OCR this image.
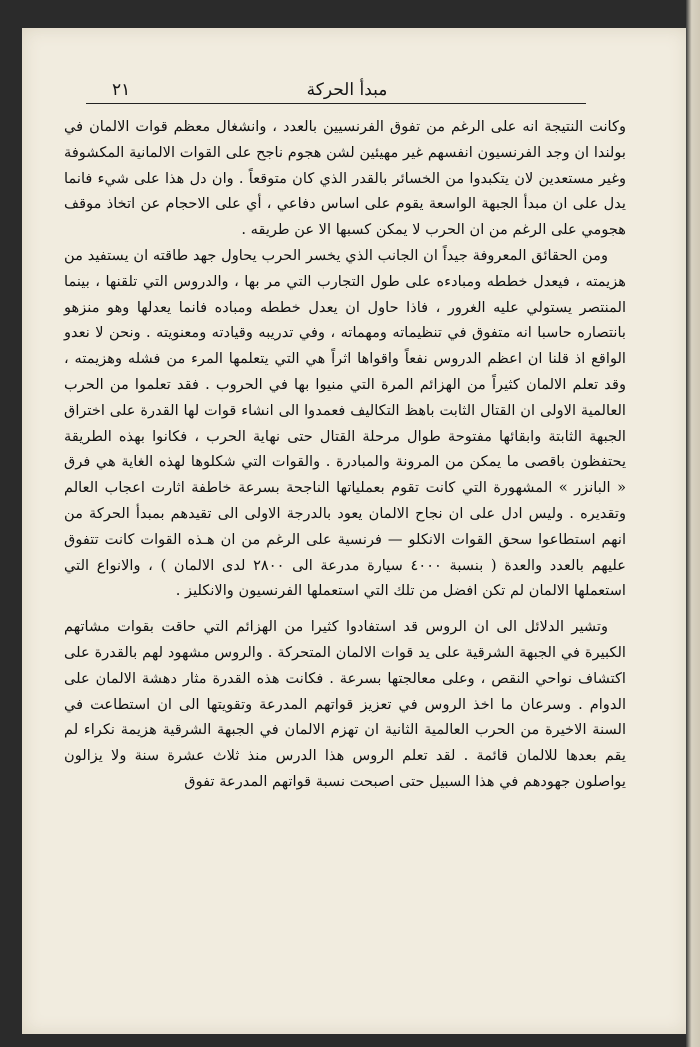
مبدأ الحركة
٢١

وكانت النتيجة انه على الرغم من تفوق الفرنسيين بالعدد ، وانشغال معظم قوات الالمان في بولندا ان وجد الفرنسيون انفسهم غير مهيئين لشن هجوم ناجح على القوات الالمانية المكشوفة وغير مستعدين لان يتكبدوا من الخسائر بالقدر الذي كان متوقعاً . وان دل هذا على شيء فانما يدل على ان مبدأ الجبهة الواسعة يقوم على اساس دفاعي ، أي على الاحجام عن اتخاذ موقف هجومي على الرغم من ان الحرب لا يمكن كسبها الا عن طريقه .

ومن الحقائق المعروفة جيداً ان الجانب الذي يخسر الحرب يحاول جهد طاقته ان يستفيد من هزيمته ، فيعدل خططه ومبادءه على طول التجارب التي مر بها ، والدروس التي تلقنها ، بينما المنتصر يستولي عليه الغرور ، فاذا حاول ان يعدل خططه ومباده فانما يعدلها وهو منزهو بانتصاره حاسبا انه متفوق في تنظيماته ومهماته ، وفي تدريبه وقيادته ومعنويته . ونحن لا نعدو الواقع اذ قلنا ان اعظم الدروس نفعاً واقواها اثراً هي التي يتعلمها المرء من فشله وهزيمته ، وقد تعلم الالمان كثيراً من الهزائم المرة التي منيوا بها في الحروب . فقد تعلموا من الحرب العالمية الاولى ان القتال الثابت باهظ التكاليف فعمدوا الى انشاء قوات لها القدرة على اختراق الجبهة الثابتة وابقائها مفتوحة طوال مرحلة القتال حتى نهاية الحرب ، فكانوا بهذه الطريقة يحتفظون باقصى ما يمكن من المرونة والمبادرة . والقوات التي شكلوها لهذه الغاية هي فرق « البانزر » المشهورة التي كانت تقوم بعملياتها الناجحة بسرعة خاطفة اثارت اعجاب العالم وتقديره . وليس ادل على ان نجاح الالمان يعود بالدرجة الاولى الى تقيدهم بمبدأ الحركة من انهم استطاعوا سحق القوات الانكلو — فرنسية على الرغم من ان هـذه القوات كانت تتفوق عليهم بالعدد والعدة ( بنسبة ٤٠٠٠ سيارة مدرعة الى ٢٨٠٠ لدى الالمان ) ، والانواع التي استعملها الالمان لم تكن افضل من تلك التي استعملها الفرنسيون والانكليز .

وتشير الدلائل الى ان الروس قد استفادوا كثيرا من الهزائم التي حاقت بقوات مشاتهم الكبيرة في الجبهة الشرقية على يد قوات الالمان المتحركة . والروس مشهود لهم بالقدرة على اكتشاف نواحي النقص ، وعلى معالجتها بسرعة . فكانت هذه القدرة مثار دهشة الالمان على الدوام . وسرعان ما اخذ الروس في تعزيز قواتهم المدرعة وتقويتها الى ان استطاعت في السنة الاخيرة من الحرب العالمية الثانية ان تهزم الالمان في الجبهة الشرقية هزيمة نكراء لم يقم بعدها للالمان قائمة . لقد تعلم الروس هذا الدرس منذ ثلاث عشرة سنة ولا يزالون يواصلون جهودهم في هذا السبيل حتى اصبحت نسبة قواتهم المدرعة تفوق
